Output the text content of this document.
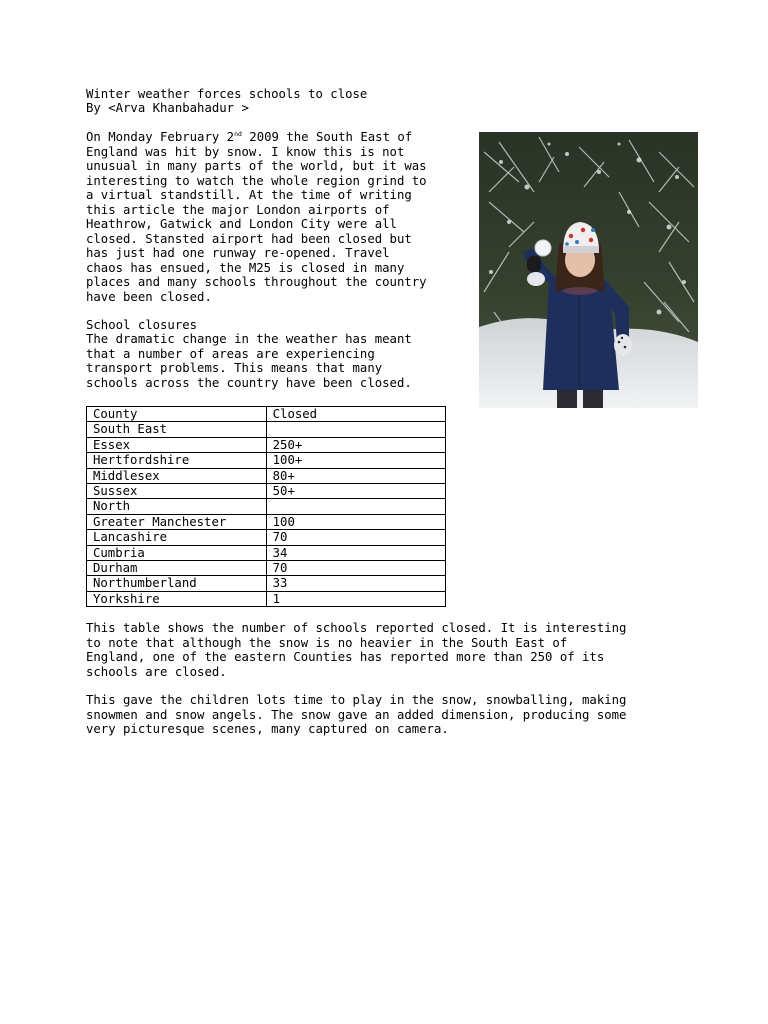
Winter weather forces schools to close
By <Arva Khanbahadur >
On Monday February 2nd 2009 the South East of
England was hit by snow. I know this is not
unusual in many parts of the world, but it was
interesting to watch the whole region grind to
a virtual standstill. At the time of writing
this article the major London airports of
Heathrow, Gatwick and London City were all
closed. Stansted airport had been closed but
has just had one runway re-opened. Travel
chaos has ensued, the M25 is closed in many
places and many schools throughout the country
have been closed.
School closures
The dramatic change in the weather has meant
that a number of areas are experiencing
transport problems. This means that many
schools across the country have been closed.
County	Closed
South East	
Essex	250+
Hertfordshire	100+
Middlesex	80+
Sussex	50+
North	
Greater Manchester	100
Lancashire	70
Cumbria	34
Durham	70
Northumberland	33
Yorkshire	1
This table shows the number of schools reported closed. It is interesting
to note that although the snow is no heavier in the South East of
England, one of the eastern Counties has reported more than 250 of its
schools are closed.
This gave the children lots time to play in the snow, snowballing, making
snowmen and snow angels. The snow gave an added dimension, producing some
very picturesque scenes, many captured on camera.
